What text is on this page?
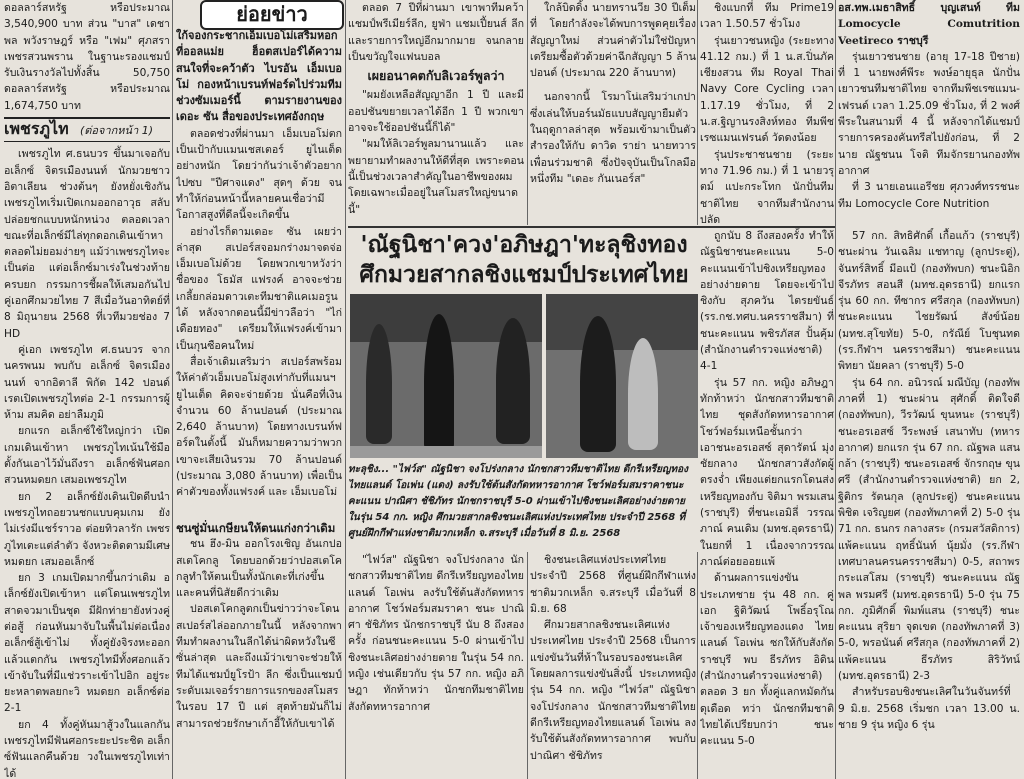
ดอลลาร์สหรัฐ หรือประมาณ 3,540,900 บาท ส่วน "บาส" เดชาพล พวังราษฎร์ หรือ "เฟม" ศุภสรา เพชรสวนพราน ในฐานะรองแชมป์ รับเงินรางวัลไปทั้งสิ้น 50,750 ดอลลาร์สหรัฐ หรือประมาณ 1,674,750 บาท

เพชรภูไท (ต่อจากหน้า 1)

เพชรภูไท ศ.ธนบวร ขึ้นมาเจอกับ อเล็กซ์ จิตรเมืองนนท์ นักมวยชาวอิตาเลียน ช่วงต้นๆ ยังหยั่งเชิงกัน เพชรภูไทเริ่มเปิดเกมออกอาวุธ สลับปล่อยชกแบบหนักหน่วง ตลอดเวลา ขณะที่อเล็กซ์มีไล่ทุกดอกเดินเข้าหาตลอดไม่ยอมง่ายๆ แม้ว่าเพชรภูไทจะเป็นต่อ แต่อเล็กซ์มาเร่งในช่วงท้าย ครบยก กรรมการชี้ผลให้เสมอกันไป คู่เอกศึกมวยไทย 7 สีเมื่อวันอาทิตย์ที่ 8 มิถุนายน 2568 ที่เวทีมวยช่อง 7 HD

คู่เอก เพชรภูไท ศ.ธนบวร จากนครพนม พบกับ อเล็กซ์ จิตรเมืองนนท์ จากอิตาลี พิกัด 142 ปอนด์ เรตเปิดเพชรภูไทต่อ 2-1 กรรมการผู้ห้าม สมคิด อย่าลืมภูมิ

ยกแรก อเล็กซ์ใช้ใหญ่กว่า เปิดเกมเดินเข้าหา เพชรภูไทเน้นใช้มือตั้งกันเอาไว้มั่นถึงรา อเล็กซ์ฟันศอกสวนหมดยก เสมอเพชรภูไท

ยก 2 อเล็กซ์ยังเดินเปิดดีบนำเพชรภูไทถอยวนชกแบบคุมเกม ยังไม่เร่งมีแชร์ราวอ ต่อยทิวลารัก เพชรภูไทเตะแต่ลำตัว จังหวะติดตามมีเศษ หมดยก เสมออเล็กซ์

ยก 3 เกมเปิดมากขึ้นกว่าเดิม อเล็กซ์ยังเปิดเข้าหา แต่โดนเพชรภูไทสาดจวมาเป็นชุด มีฝักท่ายายังห่วงคู่ต่อสู้ ก่อนหันมาจับในพื้นไม่ต่อเนื่อง อเล็กซ์สู้เข้าไม่ ทั้งคู่ยังจิรงหะออกแล้วแตกกัน เพชรภูไทมีทั้งศอกแล้วเข้าจับในที่มีแช่วราะเข้าไปอิก อยู่ระยะหลาดพลยกะวิ หมดยก อเล็กซ์ต่อ 2-1

ยก 4 ทั้งคู่หันมาสู้วงในแลกกัน เพชรภูไทมีฟันศอกระยะประชิด อเล็กซ์ฟันแลกคืนด้วย วงในเพชรภูไทเท่าได้

ย่อยข่าว

ใก้จองกระชากเอ็มเบอโม่เสริมหอก ที่ออลแม่ย ฮ็อตสเปอร์ได้ความสนใจที่จะคว้าตัว ไบรอัน เอ็มเบอโม่ กองหน้าเบรนท์ฟอร์ดไปร่วมทีมช่วงซัมเมอร์นี้ ตามรายงานของเดอะ ซัน สื่อของประเทศอังกฤษ

ตลอดช่วงที่ผ่านมา เอ็มเบอโม่ตกเป็นเป้ากับแมนเชสเตอร์ ยูไนเต็ด อย่างหนัก โดยว่ากันว่าเจ้าตัวอยากไปซบ "ปีศาจแดง" สุดๆ ด้วย จนทำให้ก่อนหน้านี้หลายคนเชื่อว่ามีโอกาสสูงที่ดีลนี้จะเกิดขึ้น

อย่างไรก็ตามเดอะ ซัน เผยว่าล่าสุด สเปอร์สจอมกร่างมาจดจ่อเอ็มเบอโม่ด้วย โดยพวกเขาหวังว่าชื่อของ โธมัส แฟรงค์ อาจจะช่วยเกลี้ยกล่อมดาวเตะทีมชาติแคเมอรูนได้ หลังจากตอนนี้มีข่าวลือว่า "ไก่เดือยทอง" เตรียมให้แฟรงค์เข้ามาเป็นกุนซือคนใหม่

สื่อเจ้าเดิมเสริมว่า สเปอร์สพร้อมให้ค่าตัวเอ็มเบอโม่สูงเท่ากับที่แมนฯ ยูไนเต็ด คิดจะจ่ายด้วย นั่นคือที่เงินจำนวน 60 ล้านปอนด์ (ประมาณ 2,640 ล้านบาท) โดยทางเบรนท์ฟอร์ดในตั้งนี้ มันก็หมายความว่าพวกเขาจะเสียเงินรวม 70 ล้านปอนด์ (ประมาณ 3,080 ล้านบาท) เพื่อเป็นค่าตัวของทั้งแฟรงค์ และ เอ็มเบอโม่

ชนซู่มั่นเกษียนให้ตนแก่งกว่าเดิม

ชน ฮึง-มิน ออกโรงเชิญ อันเกปอสเตโคกลู โดยบอกด้วยว่าปอสเตโคกลูทำให้ตนเป็นทั้งนักเตะที่เก่งขึ้นและคนที่นิสัยดีกว่าเดิม

ปอสเตโคกลูตกเป็นข่าวว่าจะโดนสเปอร์สไล่ออกภายในนี้ หลังจากพาทีมทำผลงานในลีกได้น่าผิดหวังในซีซั่นล่าสุด และถึงแม้ว่าเขาจะช่วยให้ทีมได้แชมป์ยูโรป้า ลีก ซึ่งเป็นแชมป์ระดับเมเจอร์รายการแรกของสโมสรในรอบ 17 ปี แต่ สุดท้ายมันก็ไม่สามารถช่วยรักษาเก้าอี้ให้กับเขาได้

ตลอด 7 ปีที่ผ่านมา เขาพาทีมคว้าแชมป์พรีเมียร์ลีก, ยูฟ่า แชมเปี้ยนส์ ลีก และรายการใหญ่อีกมากมาย จนกลายเป็นขวัญใจแฟนบอล

เผยอนาคตกับลิเวอร์พูลว่า

"ผมยังเหลือสัญญาอีก 1 ปี และมีออปชันขยายเวลาได้อีก 1 ปี พวกเขาอาจจะใช้ออปชันนี้ก็ได้"

"ผมให้ลิเวอร์พูลมานานแล้ว และพยายามทำผลงานให้ดีที่สุด เพราะตอนนี้เป็นช่วงเวลาสำคัญในอาชีพของผม โดยเฉพาะเมื่ออยู่ในสโมสรใหญ่ขนาดนี้"

ใกล้บิดดิ้ง นายทรานวีย 30 ปีเต็มที่ โดยกำลังจะได้พบการพูดคุยเรื่องสัญญาใหม่ ส่วนค่าตัวไม่ใช่ปัญหา เตรียมซื้อตัวด้วยค่าฉีกสัญญา 5 ล้านปอนด์ (ประมาณ 220 ล้านบาท)

นอกจากนี้ โรมาโน่เสริมว่าเกปาซึ่งเล่นให้บอร์นมัธแบบสัญญายืมตัวในฤดูกาลล่าสุด พร้อมเข้ามาเป็นตัวสำรองให้กับ ดาวิด ราย่า นายทวารเพื่อนร่วมชาติ ซึ่งปัจจุบันเป็นโกลมือหนึ่งทีม "เดอะ กันเนอร์ส"

ชิงแบกที่ ทีม Prime19 เวลา 1.50.57 ชั่วโมง

รุ่นเยาวชนหญิง (ระยะทาง 41.12 กม.) ที่ 1 น.ส.ปิ่นภัค เชียงสวน ทีม Royal Thai Navy Core Cycling เวลา 1.17.19 ชั่วโมง, ที่ 2 น.ส.ฐิญานรงสิงห์ทอง ทีมพีชเรซแมนเฟรนด์ วัดดงน้อย

รุ่นประชาชนชาย (ระยะทาง 71.96 กม.) ที่ 1 นายวรุตม์ แปะกระโทก นักปั่นทีมชาติไทย จากทีมสำนักงานปลัด

อส.ทพ.เมธาสิทธิ์ บุญเสนท์ ทีม Lomocycle Comutrition Veetireco ราชบุรี

รุ่นเยาวชนชาย (อายุ 17-18 ปีชาย) ที่ 1 นายพงศ์พีระ พงษ์อายุธุล นักปั่นเยาวชนทีมชาติไทย จากทีมพีชเรซแมน-เฟรนด์ เวลา 1.25.09 ชั่วโมง, ที่ 2 พงศ์พีระในสนามที่ 4 นี้ หลังจากได้แชมป์รายการครองคันทรีสไปยังก่อน, ที่ 2 นาย ณัฐชนน โจติ ทีมจักรยานกองทัพอากาศ

ที่ 3 นายเอนแอรีชย ศุภวงศ์ทรรชนะ ทีม Lomocycle Core Nutrition

'ณัฐนิชา'ควง'อภิษฎา'ทะลุชิงทอง
ศึกมวยสากลชิงแชมป์ประเทศไทย
ทะลุชิง... "ไฟว์ส" ณัฐนิชา จงโปร่งกลาง นักชกสาวทีมชาติไทย ดีกรีเหรียญทองไทยแลนด์ โอเพ่น (แดง) ลงรับใช้ต้นสังกัดทหารอากาศ โชว์ฟอร์มสมราคาชนะคะแนน ปาณิศา ชัชิภัทร นักชกราชบุรี 5-0 ผ่านเข้าไปชิงชนะเลิศอย่างง่ายดาย ในรุ่น 54 กก. หญิง ศึกมวยสากลชิงชนะเลิศแห่งประเทศไทย ประจำปี 2568 ที่ศูนย์ฝึกกีฬาแห่งชาติมวกเหล็ก จ.สระบุรี เมื่อวันที่ 8 มิ.ย. 2568

"ไฟว์ส" ณัฐนิชา จงโปร่งกลาง นักชกสาวทีมชาติไทย ดีกรีเหรียญทองไทยแลนด์ โอเพ่น ลงรับใช้ต้นสังกัดทหารอากาศ โชว์ฟอร์มสมราคา ชนะ ปาณิศา ชัชิภัทร นักชกราชบุรี นับ 8 ถึงสองครั้ง ก่อนชนะคะแนน 5-0 ผ่านเข้าไปชิงชนะเลิศอย่างง่ายดาย ในรุ่น 54 กก. หญิง เช่นเดียวกับ รุ่น 57 กก. หญิง อภิษฎา ทักท้าหว่า นักชกทีมชาติไทย สังกัดทหารอากาศ

ชิงชนะเลิศแห่งประเทศไทย ประจำปี 2568 ที่ศูนย์ฝึกกีฬาแห่งชาติมวกเหล็ก จ.สระบุรี เมื่อวันที่ 8 มิ.ย. 68

ศึกมวยสากลชิงชนะเลิศแห่งประเทศไทย ประจำปี 2568 เป็นการแข่งขันวันที่ห้าในรอบรองชนะเลิศ โดยผลการแข่งขันสิ่งนี้ ประเภทหญิง รุ่น 54 กก. หญิง "ไฟว์ส" ณัฐนิชา จงโปร่งกลาง นักชกสาวทีมชาติไทย ดีกรีเหรียญทองไทยแลนด์ โอเพ่น ลงรับใช้ต้นสังกัดทหารอากาศ พบกับ ปาณิศา ชัชิภัทร

ถูกนับ 8 ถึงสองครั้ง ทำให้ณัฐนิชาชนะคะแนน 5-0 คะแนนเข้าไปชิงเหรียญทองอย่างง่ายดาย โดยจะเข้าไปชิงกับ สุภควัน ไตรยขันธ์ (รร.กช.ทศบ.นครราชสีมา) ที่ชนะคะแนน พชิรภัสส ปั้นคุ้ม (สำนักงานตำรวจแห่งชาติ) 4-1

รุ่น 57 กก. หญิง อภิษฎา ทักท้าหว่า นักชกสาวทีมชาติไทย ชุดสังกัดทหารอากาศ โชว์ฟอร์มเหนือชั้นกว่า เอาชนะอรเอสซ์ สุดารัตน์ มุ่งชัยกลาง นักชกสาวสังกัดผู้ตรงจ่ำ เพียงแต่ยกแรกโดนส่งเหรียญทองกับ จิติมา พรมเสน (ราชบุรี) ที่ชนะเอมิลี่ วรรณภาณ์ คนเดิม (มทช.อุดรธานี) ในยกที่ 1 เนื่องจากวรรณภาณ์ต่อยออยแพ้

ด้านผลการแข่งขันประเภทชาย รุ่น 48 กก. คู่เอก ฐิติวัฒน์ โพธิ์อรุโณ เจ้าของเหรียญทองแดง ไทยแลนด์ โอเพ่น ซกให้กับสังกัดราชบุรี พบ ธีรภัทร อิดิน (สำนักงานตำรวจแห่งชาติ) ตลอด 3 ยก ทั้งคู่แลกหมัดกันดุเดือด ทว่า นักชกทีมชาติไทยได้เปรียบกว่า ชนะคะแนน 5-0

57 กก. สิทธิศักดิ์ เกื้อแก้ว (ราชบุรี) ชนะผ่าน วันเฉลิม แชทาญ (ลูกประดู่), จันทร์สิทธิ์ มีอแป้ (กองทัพบก) ชนะนิอิกจีรภัทร สอนสี (มทช.อุดรธานี) ยกแรก รุ่น 60 กก. ทีซากร ศรีสกุล (กองทัพบก) ชนะคะแนน ไชยรัฒน์ สังข์น้อย (มทช.สุโขทัย) 5-0, กรัณีย์ โบชุนทด (รร.กีฬาฯ นครราชสีมา) ชนะคะแนน พิทยา นัยคลา (ราชบุรี) 5-0

รุ่น 64 กก. อนิวรณ์ มณีบัญ (กองทัพภาคที่ 1) ชนะผ่าน สุศักดิ์ ติดใจดี (กองทัพบก), วีรวัฒน์ ขุนหนะ (ราชบุรี) ชนะอรเอสซ์ วีระพงษ์ เสนาทับ (ทหารอากาศ) ยกแรก รุ่น 67 กก. ณัฐพล แสนกล้า (ราชบุรี) ชนะอรเอสซ์ จักรกฤษ ขุนศรี (สำนักงานตำรวจแห่งชาติ) ยก 2, ฐิติกร รัตนกุล (ลูกประดู่) ชนะคะแนน พิชิต เจริญยศ (กองทัพภาคที่ 2) 5-0 รุ่น 71 กก. ธนกร กลางสระ (กรมสวัสดิการ) แพ้คะแนน ฤทธิ์นันท์ นุ้ยมั่ง (รร.กีฬาเทศบาลนครนครราชสีมา) 0-5, สถาพร กระแสโสม (ราชบุรี) ชนะคะแนน ณัฐพล พรมศรี (มทช.อุดรธานี) 5-0 รุ่น 75 กก. ภูมิศักดิ์ พิมพ์แสน (ราชบุรี) ชนะคะแนน สุริยา จุดเขต (กองทัพภาคที่ 3) 5-0, พรอนันต์ ศรีสกุล (กองทัพภาคที่ 2) แพ้คะแนน ธีรภัทร สิริวัทน์ (มทช.อุดรธานี) 2-3

สำหรับรอบชิงชนะเลิศในวันจันทร์ที่ 9 มิ.ย. 2568 เริ่มชก เวลา 13.00 น. ชาย 9 รุ่น หญิง 6 รุ่น
